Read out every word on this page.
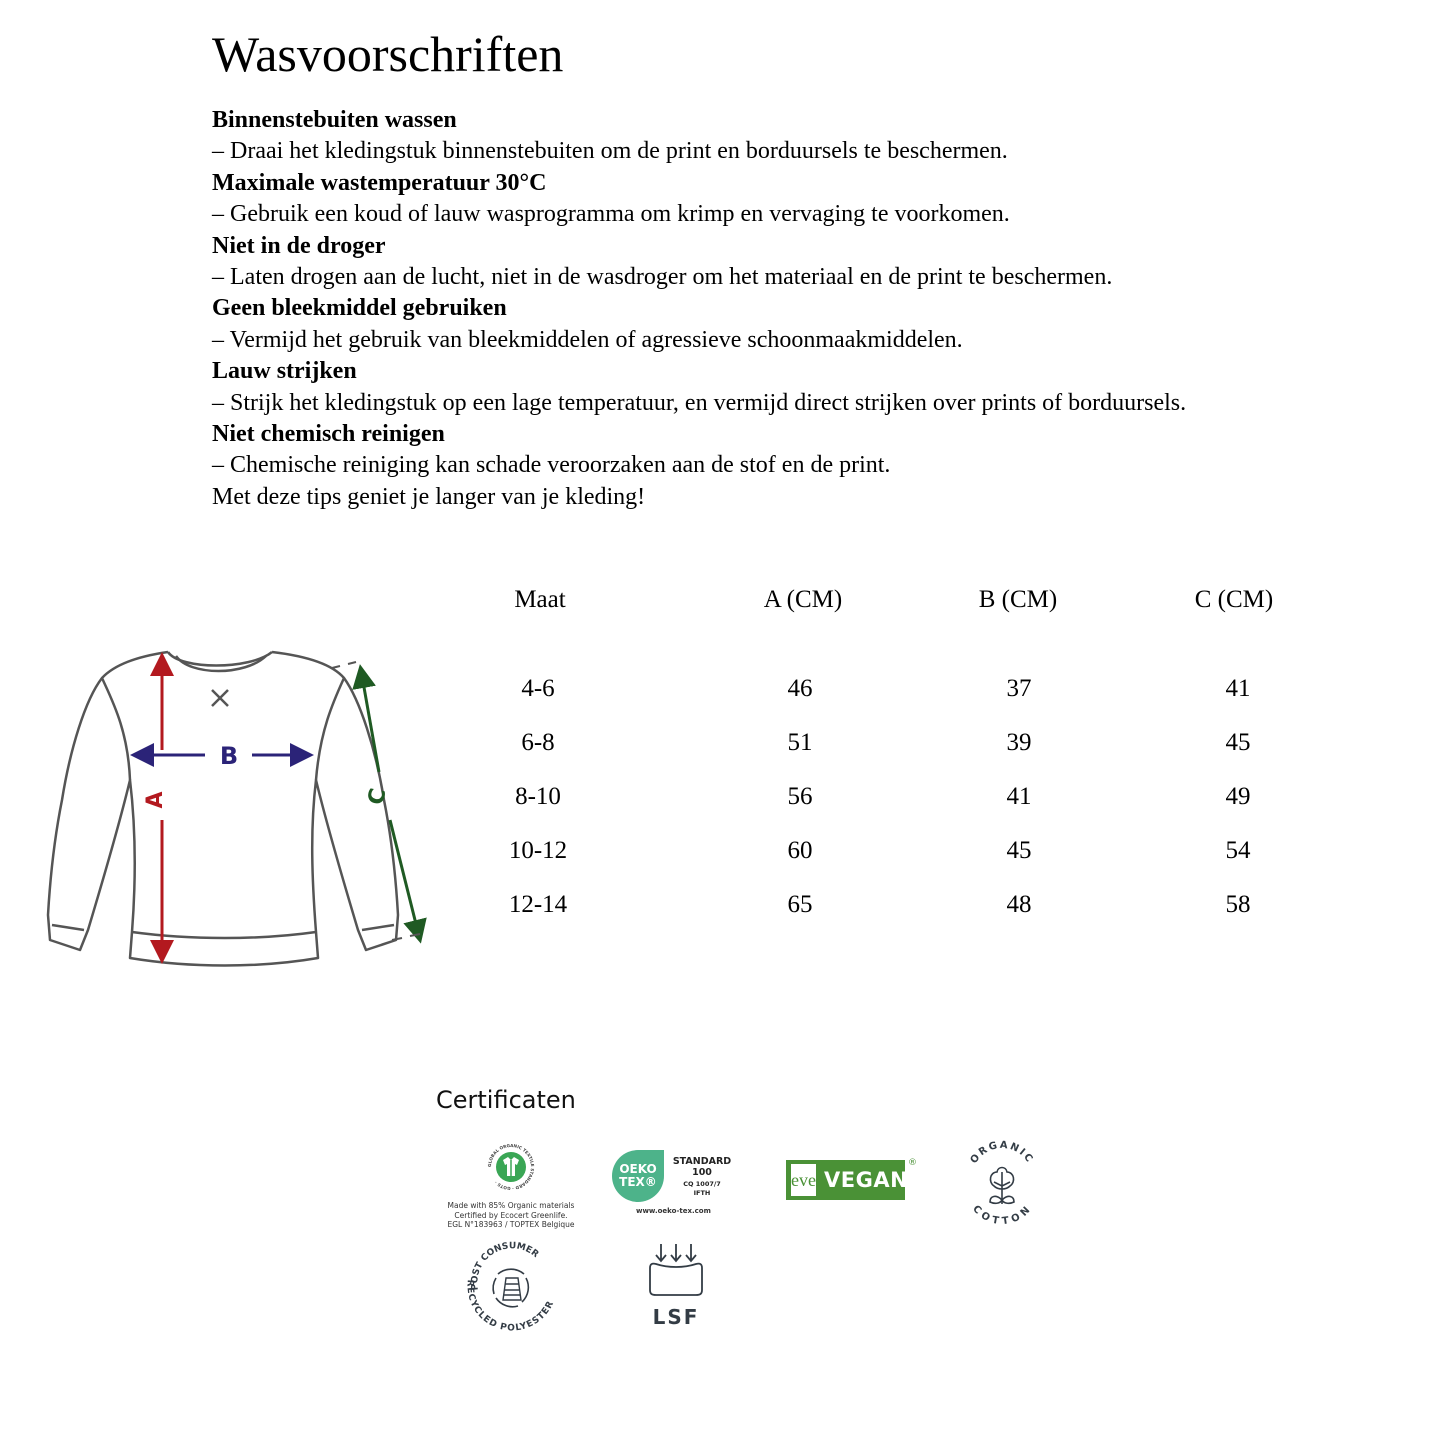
Wasvoorschriften
Binnenstebuiten wassen
– Draai het kledingstuk binnenstebuiten om de print en borduursels te beschermen.
Maximale wastemperatuur 30°C
– Gebruik een koud of lauw wasprogramma om krimp en vervaging te voorkomen.
Niet in de droger
– Laten drogen aan de lucht, niet in de wasdroger om het materiaal en de print te beschermen.
Geen bleekmiddel gebruiken
– Vermijd het gebruik van bleekmiddelen of agressieve schoonmaakmiddelen.
Lauw strijken
– Strijk het kledingstuk op een lage temperatuur, en vermijd direct strijken over prints of borduursels.
Niet chemisch reinigen
– Chemische reiniging kan schade veroorzaken aan de stof en de print.
Met deze tips geniet je langer van je kleding!
A
B
C
Maat	A (CM)	B (CM)	C (CM)
4-6	46	37	41
6-8	51	39	45
8-10	56	41	49
10-12	60	45	54
12-14	65	48	58
Certificaten
GLOBAL ORGANIC TEXTILE STANDARD · GOTS ·
Made with 85% Organic materials
Certified by Ecocert Greenlife.
EGL N°183963 / TOPTEX Belgique
OEKO
TEX®
STANDARD
100
CQ 1007/7
IFTH
www.oeko-tex.com
eve VEGAN
®	ORGANIC
COTTON
POST CONSUMER
RECYCLED POLYESTER	LSF
